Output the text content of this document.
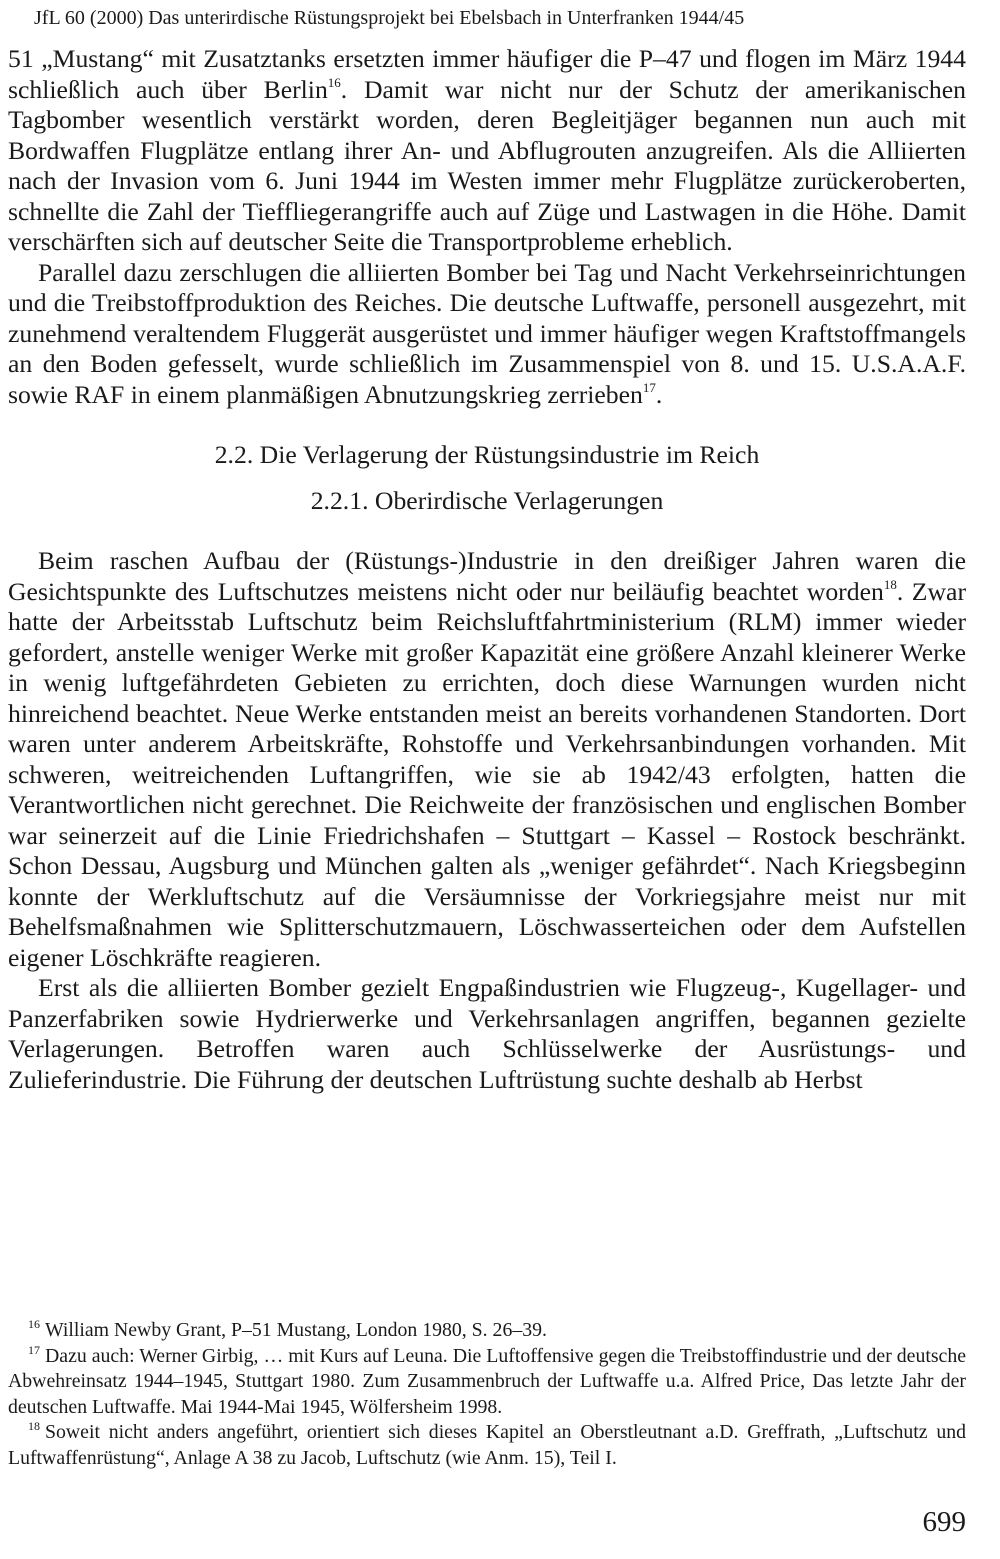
JfL 60 (2000) Das unterirdische Rüstungsprojekt bei Ebelsbach in Unterfranken 1944/45

51 „Mustang“ mit Zusatztanks ersetzten immer häufiger die P–47 und flogen im März 1944 schließlich auch über Berlin$^{16}$. Damit war nicht nur der Schutz der amerikanischen Tagbomber wesentlich verstärkt worden, deren Begleitjäger begannen nun auch mit Bordwaffen Flugplätze entlang ihrer An- und Abflugrouten anzugreifen. Als die Alliierten nach der Invasion vom 6. Juni 1944 im Westen immer mehr Flugplätze zurückeroberten, schnellte die Zahl der Tieffliegerangriffe auch auf Züge und Lastwagen in die Höhe. Damit verschärften sich auf deutscher Seite die Transportprobleme erheblich.

Parallel dazu zerschlugen die alliierten Bomber bei Tag und Nacht Verkehrseinrichtungen und die Treibstoffproduktion des Reiches. Die deutsche Luftwaffe, personell ausgezehrt, mit zunehmend veraltendem Fluggerät ausgerüstet und immer häufiger wegen Kraftstoffmangels an den Boden gefesselt, wurde schließlich im Zusammenspiel von 8. und 15. U.S.A.A.F. sowie RAF in einem planmäßigen Abnutzungskrieg zerrieben$^{17}$.

2.2. Die Verlagerung der Rüstungsindustrie im Reich
2.2.1. Oberirdische Verlagerungen

Beim raschen Aufbau der (Rüstungs-)Industrie in den dreißiger Jahren waren die Gesichtspunkte des Luftschutzes meistens nicht oder nur beiläufig beachtet worden$^{18}$. Zwar hatte der Arbeitsstab Luftschutz beim Reichsluftfahrtministerium (RLM) immer wieder gefordert, anstelle weniger Werke mit großer Kapazität eine größere Anzahl kleinerer Werke in wenig luftgefährdeten Gebieten zu errichten, doch diese Warnungen wurden nicht hinreichend beachtet. Neue Werke entstanden meist an bereits vorhandenen Standorten. Dort waren unter anderem Arbeitskräfte, Rohstoffe und Verkehrsanbindungen vorhanden. Mit schweren, weitreichenden Luftangriffen, wie sie ab 1942/43 erfolgten, hatten die Verantwortlichen nicht gerechnet. Die Reichweite der französischen und englischen Bomber war seinerzeit auf die Linie Friedrichshafen – Stuttgart – Kassel – Rostock beschränkt. Schon Dessau, Augsburg und München galten als „weniger gefährdet“. Nach Kriegsbeginn konnte der Werkluftschutz auf die Versäumnisse der Vorkriegsjahre meist nur mit Behelfsmaßnahmen wie Splitterschutzmauern, Löschwasserteichen oder dem Aufstellen eigener Löschkräfte reagieren.

Erst als die alliierten Bomber gezielt Engpaßindustrien wie Flugzeug-, Kugellager- und Panzerfabriken sowie Hydrierwerke und Verkehrsanlagen angriffen, begannen gezielte Verlagerungen. Betroffen waren auch Schlüsselwerke der Ausrüstungs- und Zulieferindustrie. Die Führung der deutschen Luftrüstung suchte deshalb ab Herbst

$^{16}$ William Newby Grant, P–51 Mustang, London 1980, S. 26–39.

$^{17}$ Dazu auch: Werner Girbig, … mit Kurs auf Leuna. Die Luftoffensive gegen die Treibstoffindustrie und der deutsche Abwehreinsatz 1944–1945, Stuttgart 1980. Zum Zusammenbruch der Luftwaffe u.a. Alfred Price, Das letzte Jahr der deutschen Luftwaffe. Mai 1944-Mai 1945, Wölfersheim 1998.

$^{18}$ Soweit nicht anders angeführt, orientiert sich dieses Kapitel an Oberstleutnant a.D. Greffrath, „Luftschutz und Luftwaffenrüstung“, Anlage A 38 zu Jacob, Luftschutz (wie Anm. 15), Teil I.

699
